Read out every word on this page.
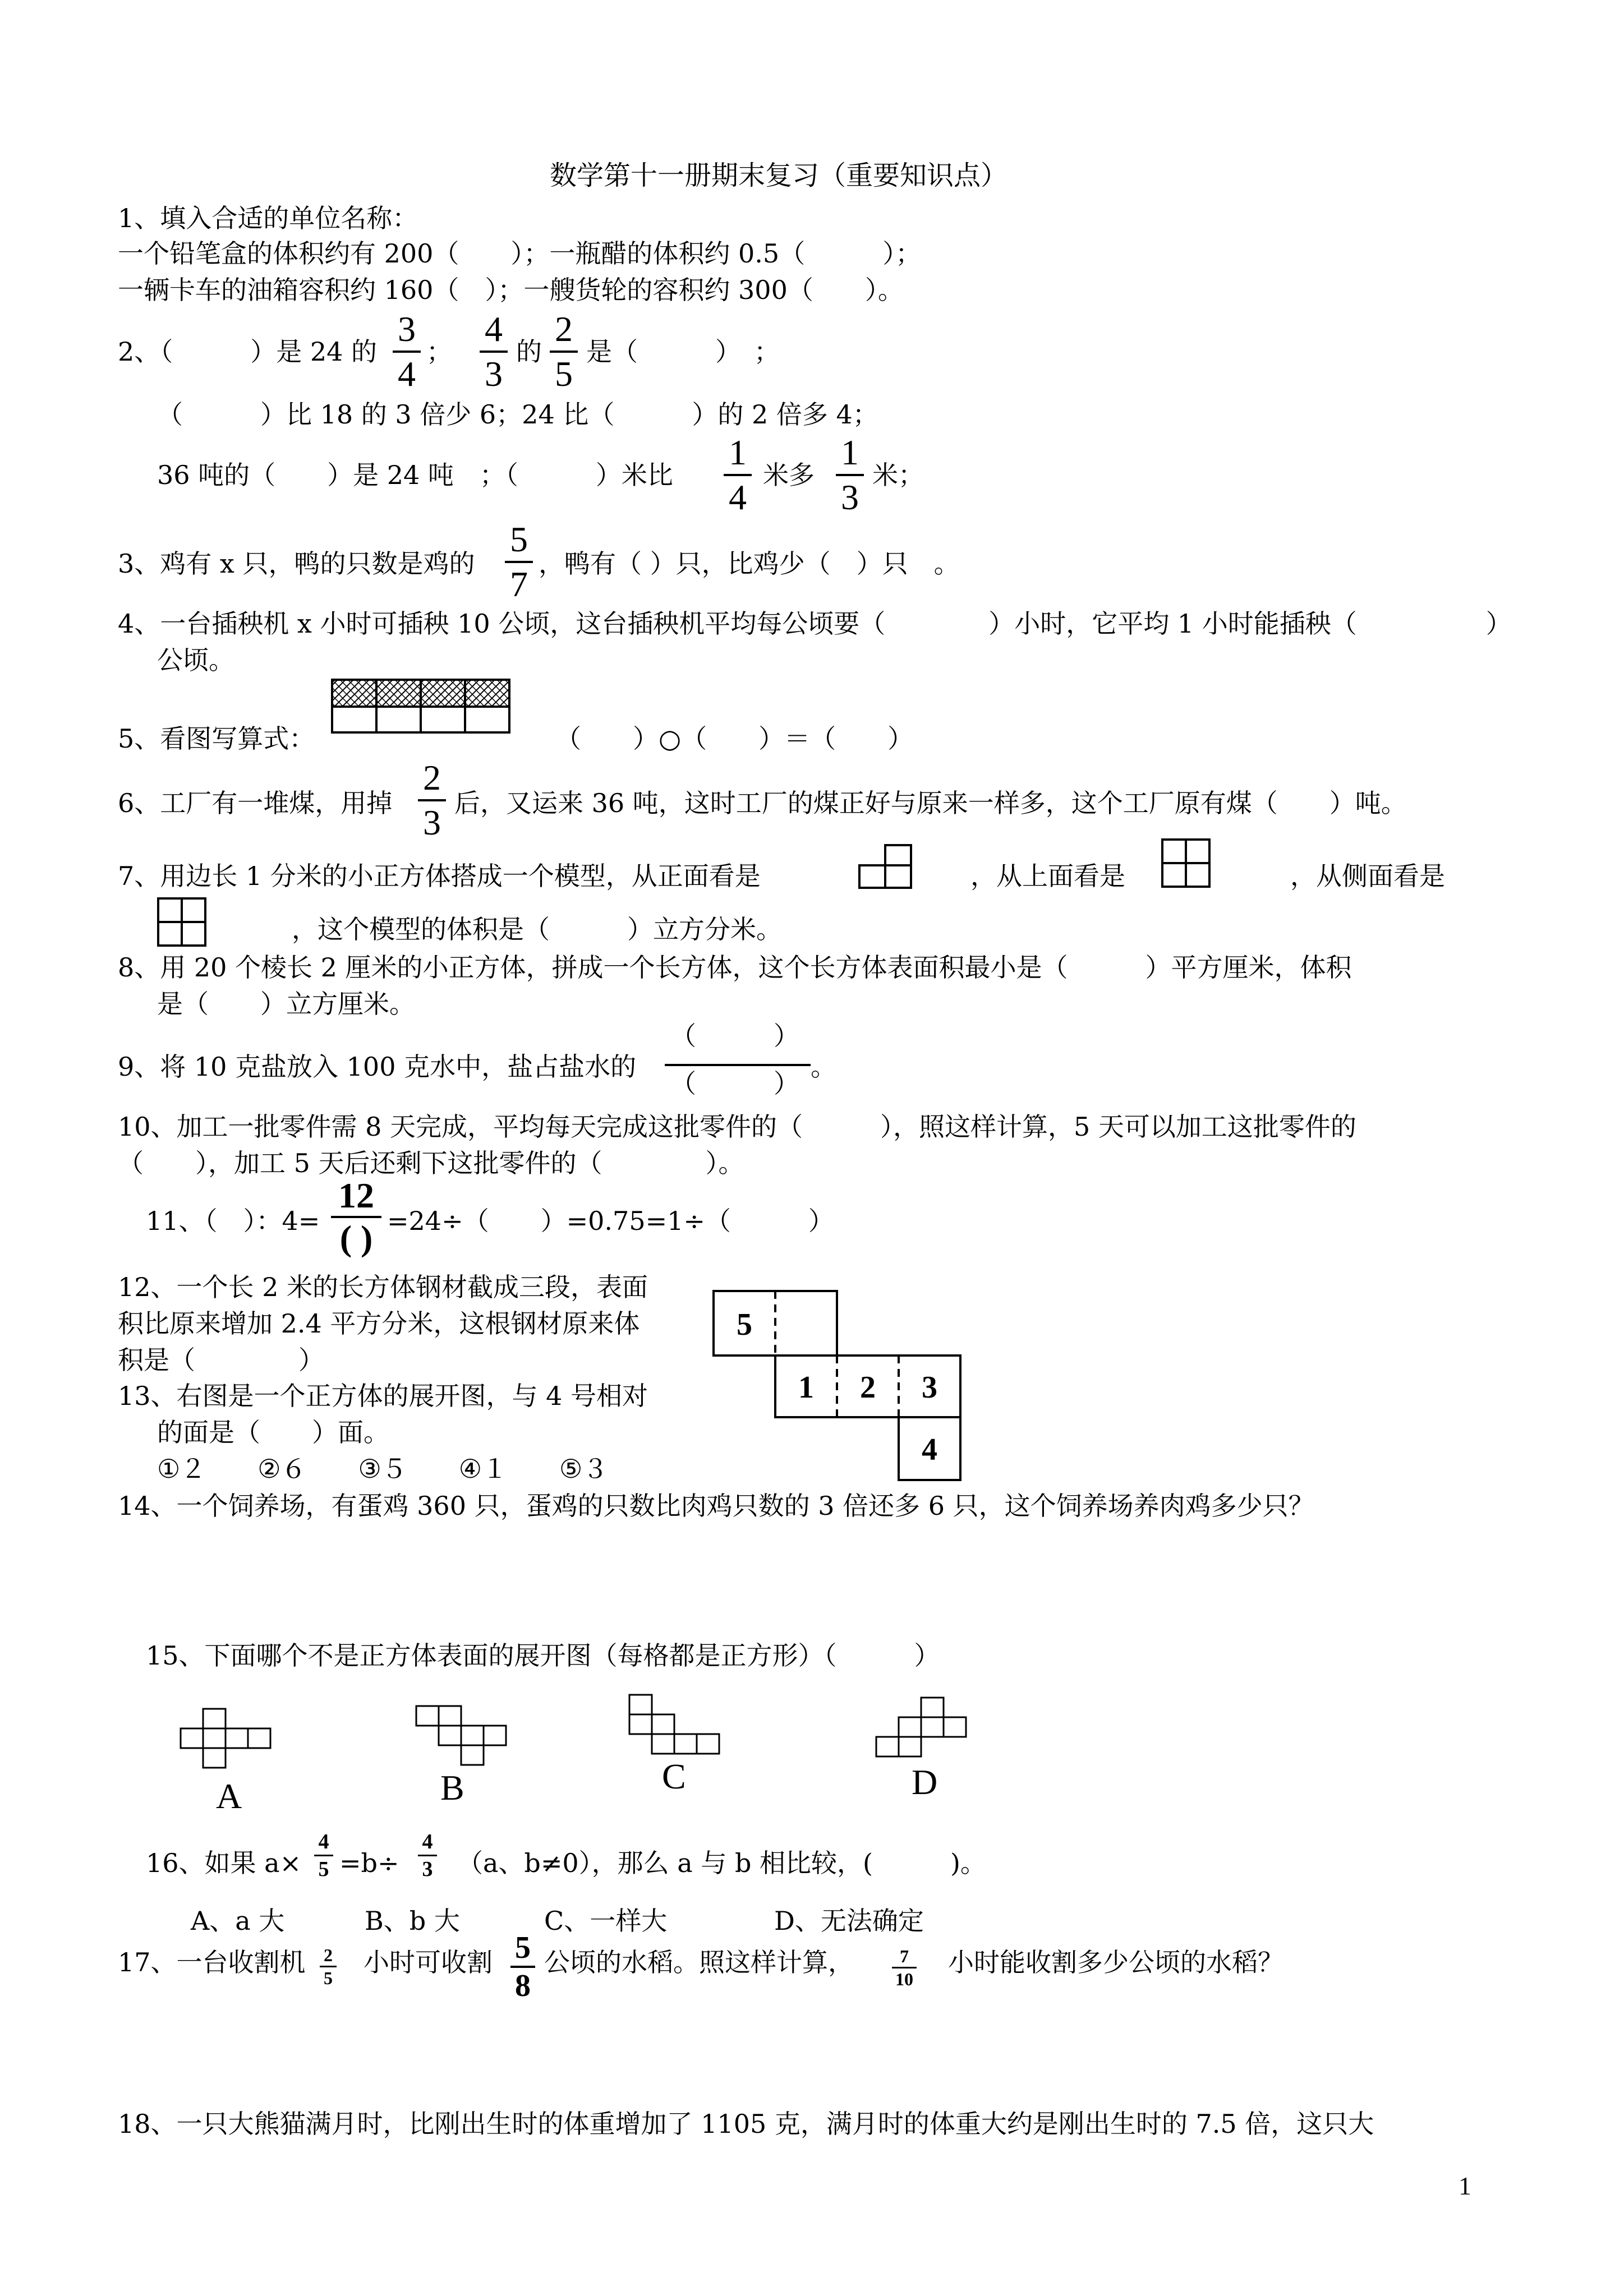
数学第十一册期末复习（重要知识点）
1、填入合适的单位名称：
一个铅笔盒的体积约有 200（　　）；一瓶醋的体积约 0.5（　　　）；
一辆卡车的油箱容积约 160（　）；一艘货轮的容积约 300（　　）。
2、（　　　）是 24 的
3
4
；
4
3
的
2
5
是（　　　）　；
（　　　）比 18 的 3 倍少 6；24 比（　　　）的 2 倍多 4；
36 吨的（　　）是 24 吨　；（　　　）米比
1
4
米多
1
3
米；
3、鸡有 x 只，鸭的只数是鸡的
5
7
，鸭有（ ）只，比鸡少（　）只　。
4、一台插秧机 x 小时可插秧 10 公顷，这台插秧机平均每公顷要（　　　　）小时，它平均 1 小时能插秧（　　　　　）
公顷。
5、看图写算式：	（　　）○（　　）＝（　　）
6、工厂有一堆煤，用掉
2
3 后，又运来 36 吨，这时工厂的煤正好与原来一样多，这个工厂原有煤（　　）吨。
7、用边长 1 分米的小正方体搭成一个模型，从正面看是	，从上面看是	，从侧面看是
，这个模型的体积是（　　　）立方分米。
8、用 20 个棱长 2 厘米的小正方体，拼成一个长方体，这个长方体表面积最小是（　　　）平方厘米，体积
是（　　）立方厘米。
9、将 10 克盐放入 100 克水中，盐占盐水的
（　　　）
（　　　）
。
10、加工一批零件需 8 天完成，平均每天完成这批零件的（　　　），照这样计算，5 天可以加工这批零件的
（　　），加工 5 天后还剩下这批零件的（　　　　）。
11、（　）：4=
12
( ) =24÷（　　）=0.75=1÷（　　　）
12、一个长 2 米的长方体钢材截成三段，表面
积比原来增加 2.4 平方分米，这根钢材原来体
积是（　　　　）
13、右图是一个正方体的展开图，与 4 号相对
的面是（　　）面。
①２　　②６　　③５　　④１　　⑤３
5
1 2 3
4
14、一个饲养场，有蛋鸡 360 只，蛋鸡的只数比肉鸡只数的 3 倍还多 6 只，这个饲养场养肉鸡多少只？
15、下面哪个不是正方体表面的展开图（每格都是正方形）（　　　）
A	B	C	D
16、如果 a×
4
5 =b÷
4
3 （a、b≠0），那么 a 与 b 相比较，(　　　)。
A、a 大	B、b 大	C、一样大	D、无法确定
17、一台收割机 2
5
小时可收割 5
8
公顷的水稻。照这样计算，	7
10
小时能收割多少公顷的水稻？
18、一只大熊猫满月时，比刚出生时的体重增加了 1105 克，满月时的体重大约是刚出生时的 7.5 倍，这只大
1
